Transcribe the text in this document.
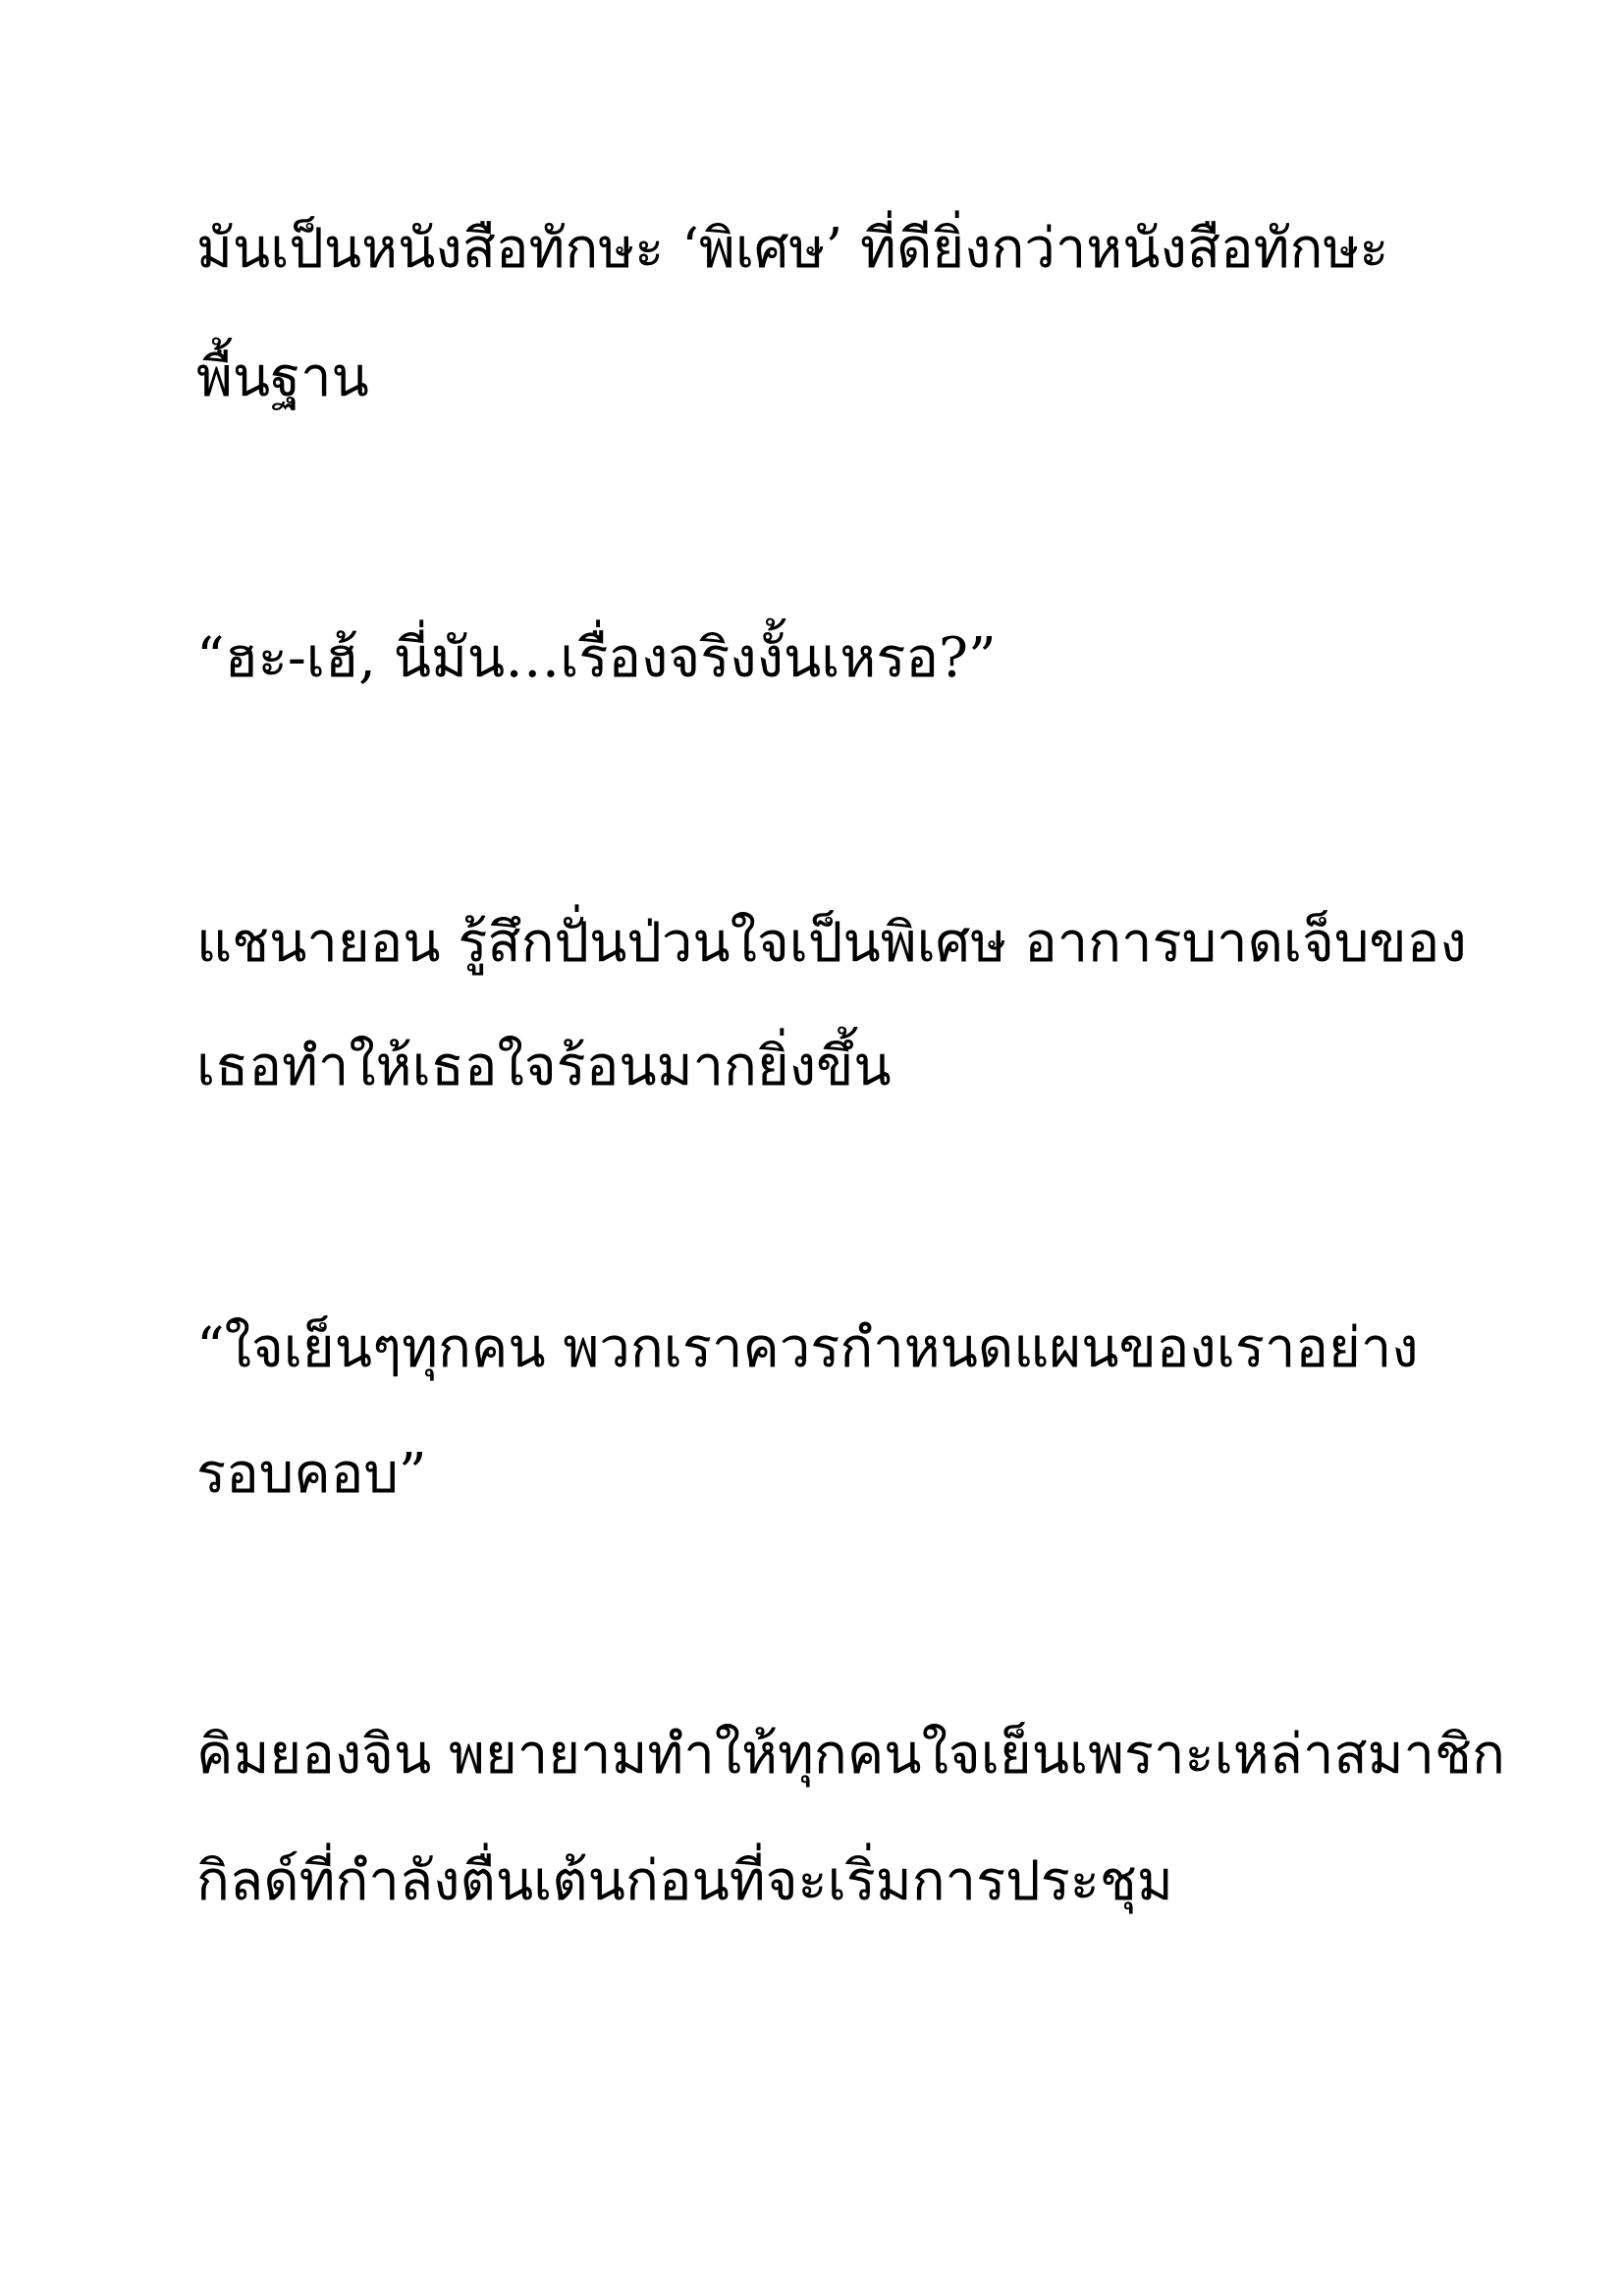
มันเป็นหนังสือทักษะ ‘พิเศษ’ ที่ดียิ่งกว่าหนังสือทักษะ

พื้นฐาน

“ฮะ-เฮ้, นี่มัน…เรื่องจริงงั้นเหรอ?”

แชนายอน รู้สึกปั่นป่วนใจเป็นพิเศษ อาการบาดเจ็บของ

เธอทำให้เธอใจร้อนมากยิ่งขึ้น

“ใจเย็นๆทุกคน พวกเราควรกำหนดแผนของเราอย่าง

รอบคอบ”

คิมยองจิน พยายามทำให้ทุกคนใจเย็นเพราะเหล่าสมาชิก

กิลด์ที่กำลังตื่นเต้นก่อนที่จะเริ่มการประชุม
